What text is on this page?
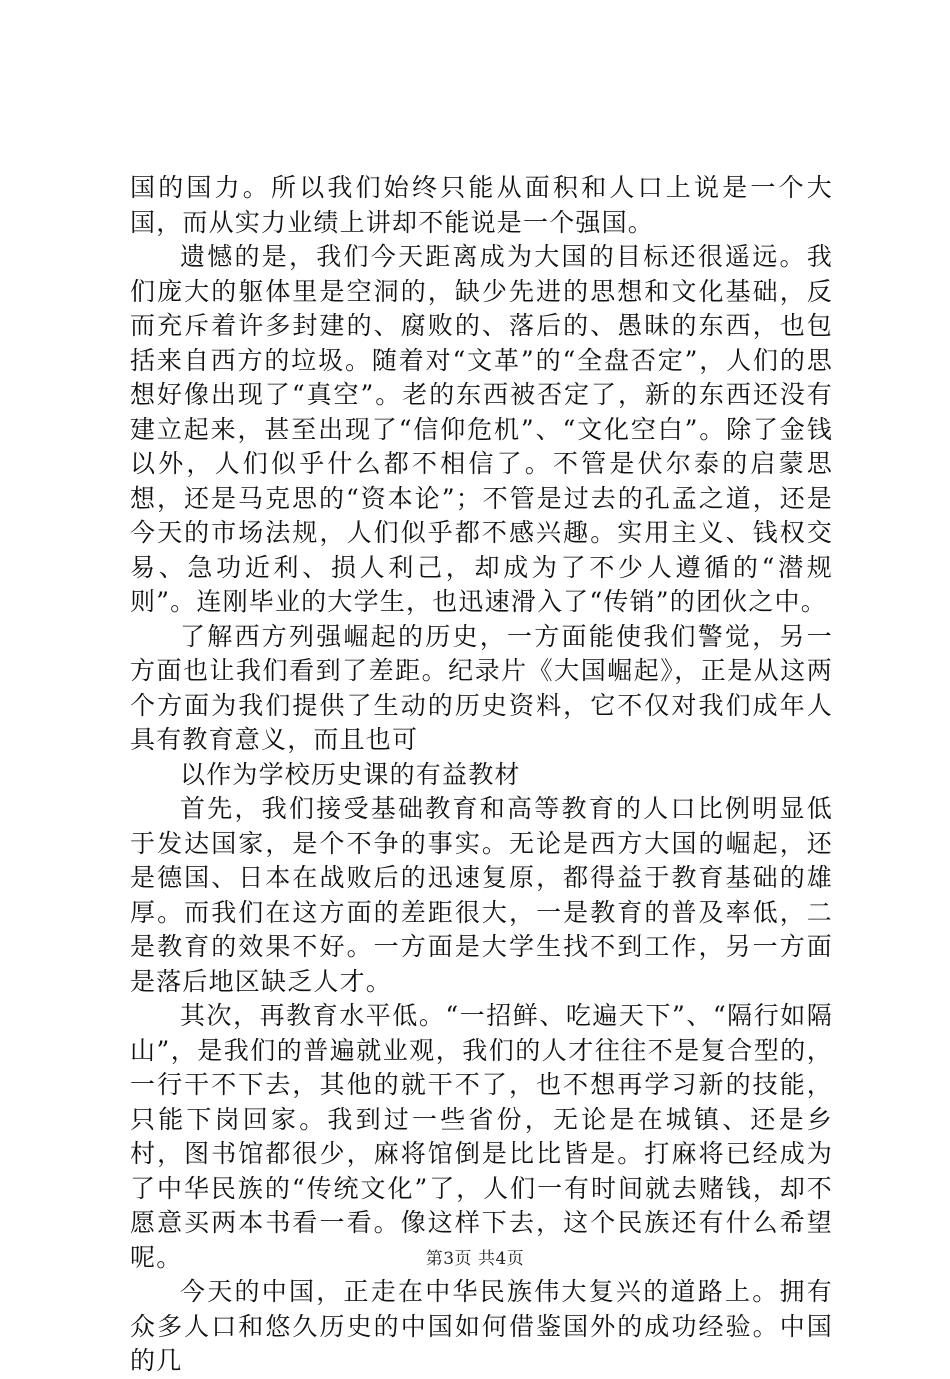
国的国力。所以我们始终只能从面积和人口上说是一个大国，而从实力业绩上讲却不能说是一个强国。

遗憾的是，我们今天距离成为大国的目标还很遥远。我们庞大的躯体里是空洞的，缺少先进的思想和文化基础，反而充斥着许多封建的、腐败的、落后的、愚昧的东西，也包括来自西方的垃圾。随着对“文革”的“全盘否定”，人们的思想好像出现了“真空”。老的东西被否定了，新的东西还没有建立起来，甚至出现了“信仰危机”、“文化空白”。除了金钱以外，人们似乎什么都不相信了。不管是伏尔泰的启蒙思想，还是马克思的“资本论”；不管是过去的孔孟之道，还是今天的市场法规，人们似乎都不感兴趣。实用主义、钱权交易、急功近利、损人利己，却成为了不少人遵循的“潜规则”。连刚毕业的大学生，也迅速滑入了“传销”的团伙之中。

了解西方列强崛起的历史，一方面能使我们警觉，另一方面也让我们看到了差距。纪录片《大国崛起》，正是从这两个方面为我们提供了生动的历史资料，它不仅对我们成年人具有教育意义，而且也可

以作为学校历史课的有益教材

首先，我们接受基础教育和高等教育的人口比例明显低于发达国家，是个不争的事实。无论是西方大国的崛起，还是德国、日本在战败后的迅速复原，都得益于教育基础的雄厚。而我们在这方面的差距很大，一是教育的普及率低，二是教育的效果不好。一方面是大学生找不到工作，另一方面是落后地区缺乏人才。

其次，再教育水平低。“一招鲜、吃遍天下”、“隔行如隔山”，是我们的普遍就业观，我们的人才往往不是复合型的，一行干不下去，其他的就干不了，也不想再学习新的技能，只能下岗回家。我到过一些省份，无论是在城镇、还是乡村，图书馆都很少，麻将馆倒是比比皆是。打麻将已经成为了中华民族的“传统文化”了，人们一有时间就去赌钱，却不愿意买两本书看一看。像这样下去，这个民族还有什么希望呢。

今天的中国，正走在中华民族伟大复兴的道路上。拥有众多人口和悠久历史的中国如何借鉴国外的成功经验。中国的几

第3页 共4页
